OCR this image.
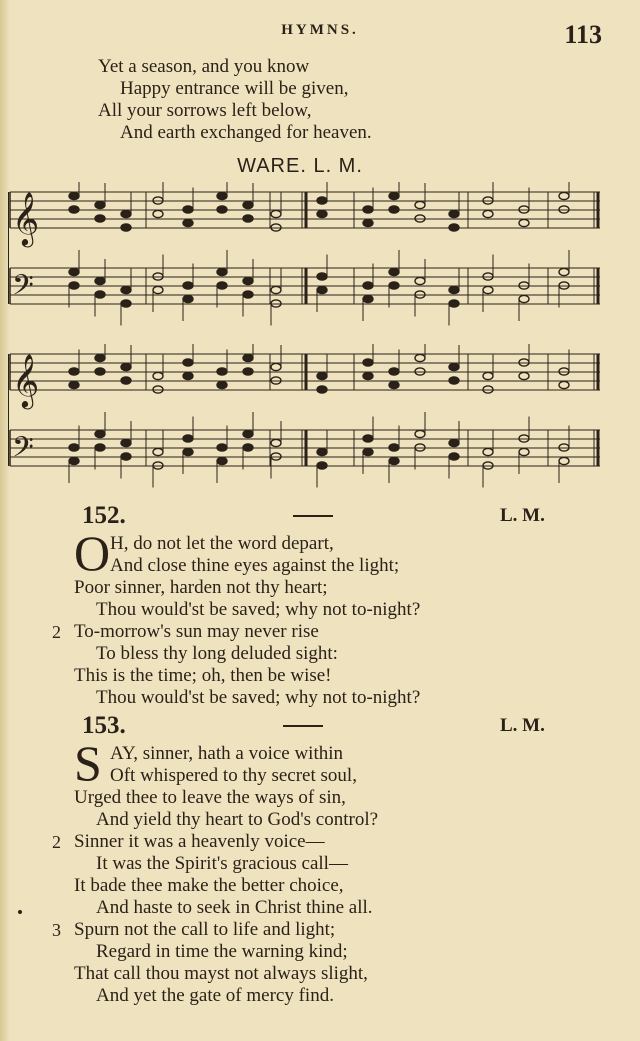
HYMNS.	113
Yet a season, and you know
Happy entrance will be given,
All your sorrows left below,
And earth exchanged for heaven.
WARE. L. M.
𝄞
𝄢
𝄞
𝄢
152.	L. M.
O H, do not let the word depart,
And close thine eyes against the light;
Poor sinner, harden not thy heart;
Thou would'st be saved; why not to-night?
2 To-morrow's sun may never rise
To bless thy long deluded sight:
This is the time; oh, then be wise!
Thou would'st be saved; why not to-night?
153.	L. M.
S AY, sinner, hath a voice within
Oft whispered to thy secret soul,
Urged thee to leave the ways of sin,
And yield thy heart to God's control?
2 Sinner it was a heavenly voice—
It was the Spirit's gracious call—
It bade thee make the better choice,
And haste to seek in Christ thine all.
3 Spurn not the call to life and light;
Regard in time the warning kind;
That call thou mayst not always slight,
And yet the gate of mercy find.
